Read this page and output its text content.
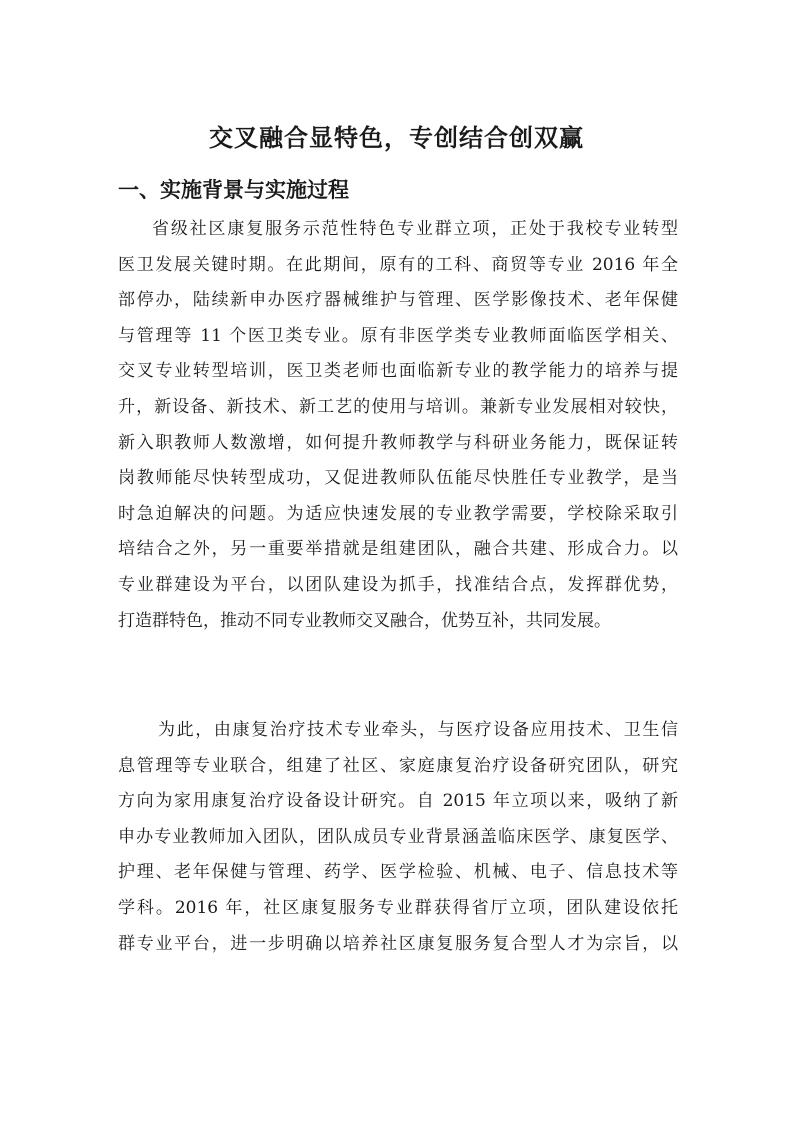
交叉融合显特色，专创结合创双赢
一、实施背景与实施过程
省级社区康复服务示范性特色专业群立项，正处于我校专业转型
医卫发展关键时期。在此期间，原有的工科、商贸等专业 2016 年全
部停办，陆续新申办医疗器械维护与管理、医学影像技术、老年保健
与管理等 11 个医卫类专业。原有非医学类专业教师面临医学相关、
交叉专业转型培训，医卫类老师也面临新专业的教学能力的培养与提
升，新设备、新技术、新工艺的使用与培训。兼新专业发展相对较快，
新入职教师人数激增，如何提升教师教学与科研业务能力，既保证转
岗教师能尽快转型成功，又促进教师队伍能尽快胜任专业教学，是当
时急迫解决的问题。为适应快速发展的专业教学需要，学校除采取引
培结合之外，另一重要举措就是组建团队，融合共建、形成合力。以
专业群建设为平台，以团队建设为抓手，找准结合点，发挥群优势，
打造群特色，推动不同专业教师交叉融合，优势互补，共同发展。
为此，由康复治疗技术专业牵头，与医疗设备应用技术、卫生信
息管理等专业联合，组建了社区、家庭康复治疗设备研究团队，研究
方向为家用康复治疗设备设计研究。自 2015 年立项以来，吸纳了新
申办专业教师加入团队，团队成员专业背景涵盖临床医学、康复医学、
护理、老年保健与管理、药学、医学检验、机械、电子、信息技术等
学科。2016 年，社区康复服务专业群获得省厅立项，团队建设依托
群专业平台，进一步明确以培养社区康复服务复合型人才为宗旨，以
